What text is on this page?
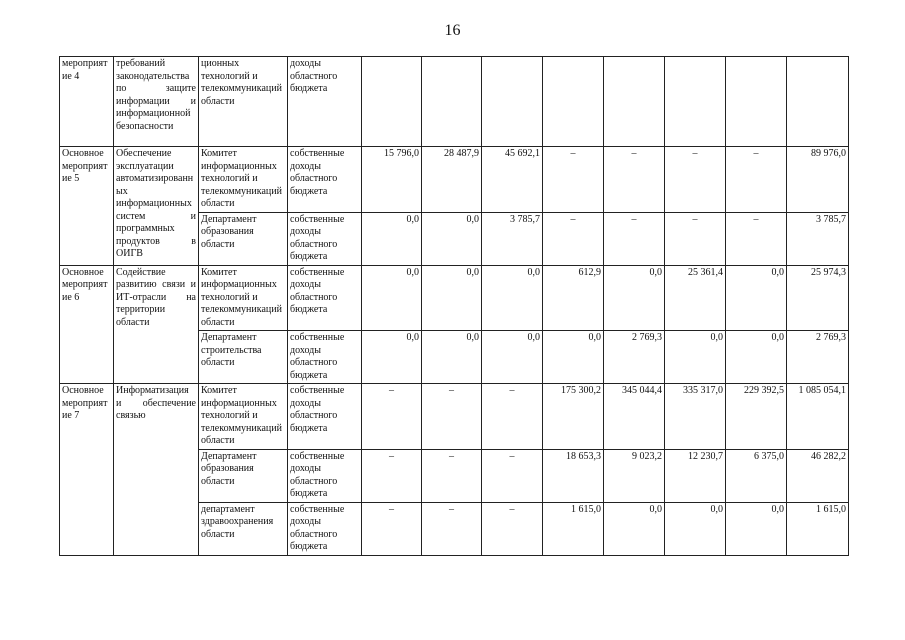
16
мероприятие 4	требований законодательства по защите информации и информационной безопасности	ционных технологий и телекоммуникаций области	доходы областного бюджета								
Основное мероприятие 5	Обеспечение эксплуатации автоматизированных информационных систем и программных продуктов в ОИГВ	Комитет информационных технологий и телекоммуникаций области	собственные доходы областного бюджета	15 796,0	28 487,9	45 692,1	–	–	–	–	89 976,0
		Департамент образования области	собственные доходы областного бюджета	0,0	0,0	3 785,7	–	–	–	–	3 785,7
Основное мероприятие 6	Содействие развитию связи и ИТ-отрасли на территории области	Комитет информационных технологий и телекоммуникаций области	собственные доходы областного бюджета	0,0	0,0	0,0	612,9	0,0	25 361,4	0,0	25 974,3
		Департамент строительства области	собственные доходы областного бюджета	0,0	0,0	0,0	0,0	2 769,3	0,0	0,0	2 769,3
Основное мероприятие 7	Информатизация и обеспечение связью	Комитет информационных технологий и телекоммуникаций области	собственные доходы областного бюджета	–	–	–	175 300,2	345 044,4	335 317,0	229 392,5	1 085 054,1
		Департамент образования области	собственные доходы областного бюджета	–	–	–	18 653,3	9 023,2	12 230,7	6 375,0	46 282,2
		департамент здравоохранения области	собственные доходы областного бюджета	–	–	–	1 615,0	0,0	0,0	0,0	1 615,0
